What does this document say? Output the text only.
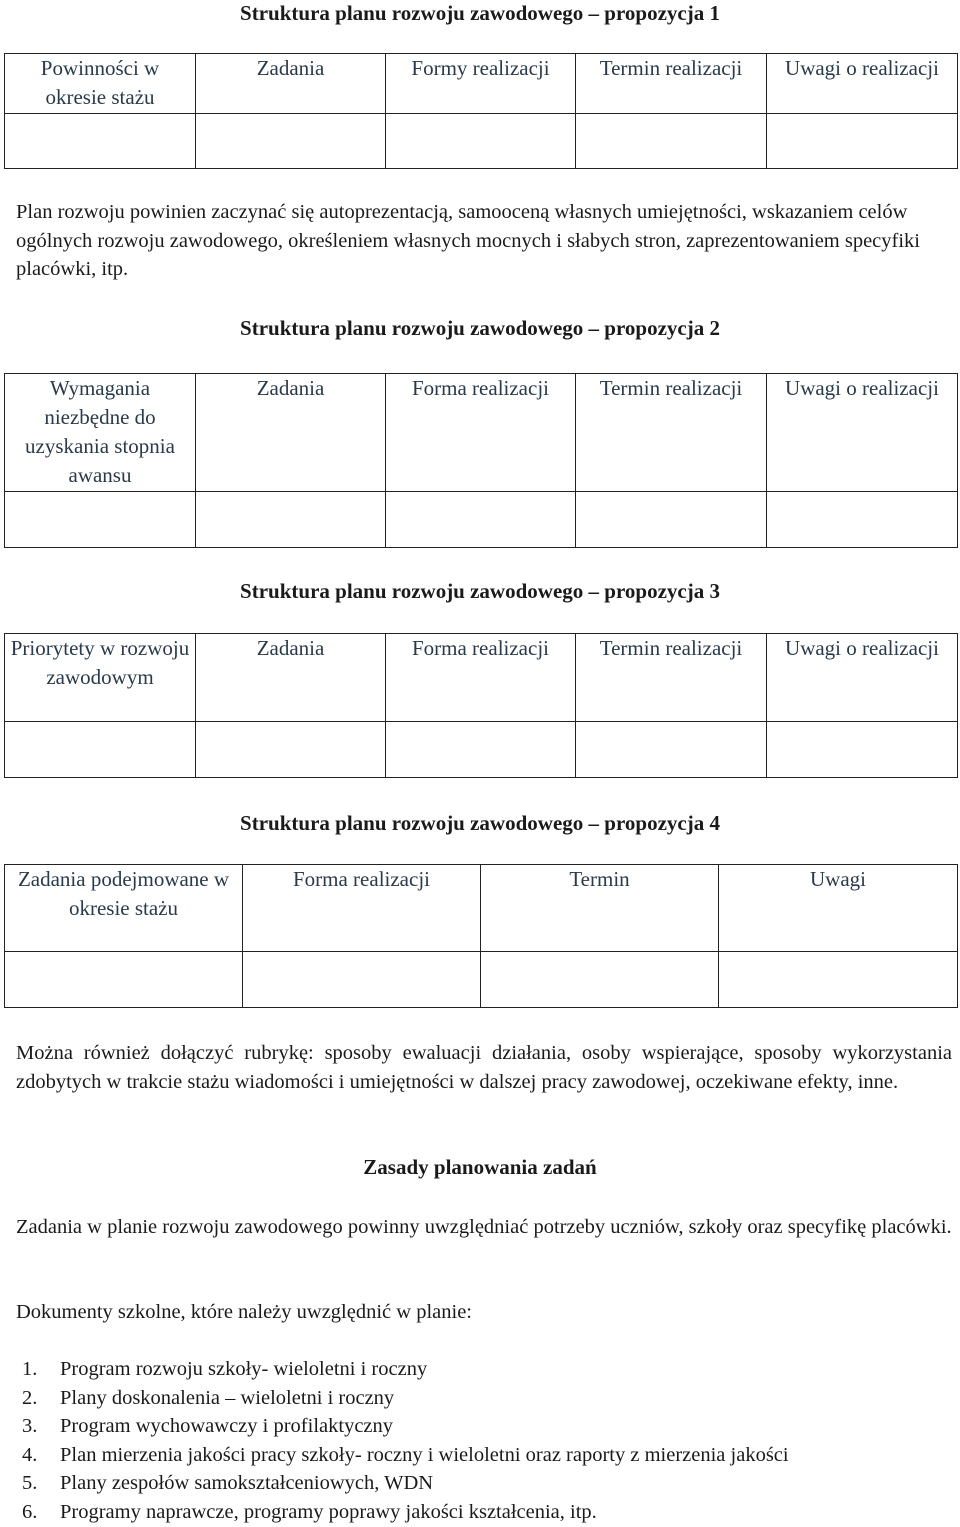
Struktura planu rozwoju zawodowego – propozycja 1
Powinności w okresie stażu	Zadania	Formy realizacji	Termin realizacji	Uwagi o realizacji

Plan rozwoju powinien zaczynać się autoprezentacją, samooceną własnych umiejętności, wskazaniem celów ogólnych rozwoju zawodowego, określeniem własnych mocnych i słabych stron, zaprezentowaniem specyfiki placówki, itp.

Struktura planu rozwoju zawodowego – propozycja 2
Wymagania niezbędne do uzyskania stopnia awansu	Zadania	Forma realizacji	Termin realizacji	Uwagi o realizacji

Struktura planu rozwoju zawodowego – propozycja 3
Priorytety w rozwoju zawodowym	Zadania	Forma realizacji	Termin realizacji	Uwagi o realizacji

Struktura planu rozwoju zawodowego – propozycja 4
Zadania podejmowane w okresie stażu	Forma realizacji	Termin	Uwagi

Można również dołączyć rubrykę: sposoby ewaluacji działania, osoby wspierające, sposoby wykorzystania zdobytych w trakcie stażu wiadomości i umiejętności w dalszej pracy zawodowej, oczekiwane efekty, inne.

Zasady planowania zadań

Zadania w planie rozwoju zawodowego powinny uwzględniać potrzeby uczniów, szkoły oraz specyfikę placówki.

Dokumenty szkolne, które należy uwzględnić w planie:

1. Program rozwoju szkoły- wieloletni i roczny
2. Plany doskonalenia – wieloletni i roczny
3. Program wychowawczy i profilaktyczny
4. Plan mierzenia jakości pracy szkoły- roczny i wieloletni oraz raporty z mierzenia jakości
5. Plany zespołów samokształceniowych, WDN
6. Programy naprawcze, programy poprawy jakości kształcenia, itp.
